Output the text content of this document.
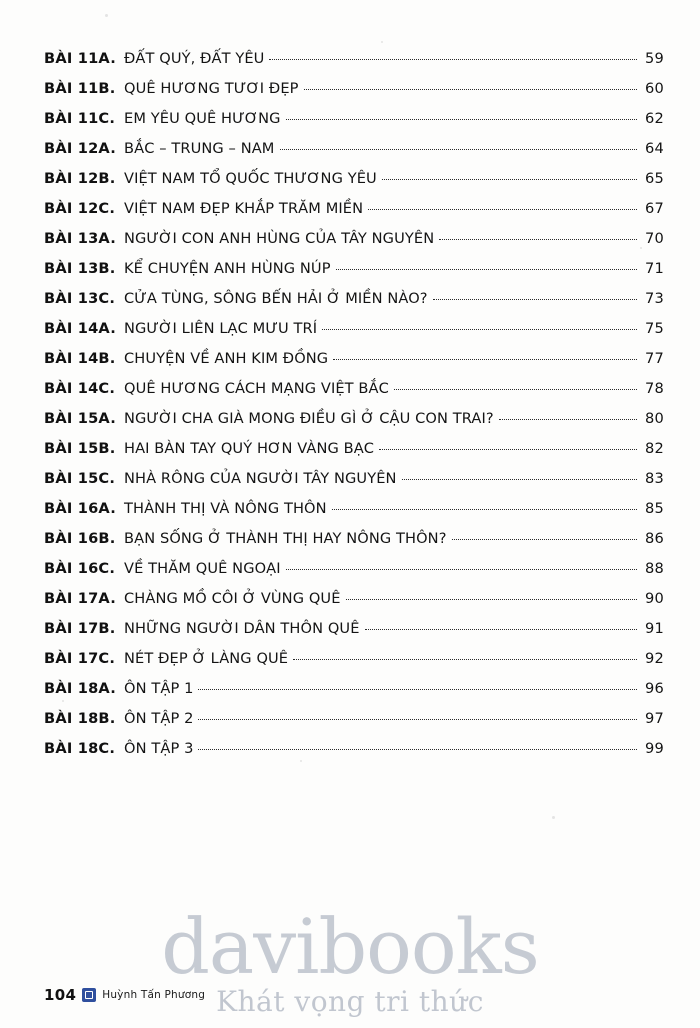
BÀI 11A. ĐẤT QUÝ, ĐẤT YÊU	59
BÀI 11B. QUÊ HƯƠNG TƯƠI ĐẸP	60
BÀI 11C. EM YÊU QUÊ HƯƠNG	62
BÀI 12A. BẮC – TRUNG – NAM	64
BÀI 12B. VIỆT NAM TỔ QUỐC THƯƠNG YÊU	65
BÀI 12C. VIỆT NAM ĐẸP KHẮP TRĂM MIỀN	67
BÀI 13A. NGƯỜI CON ANH HÙNG CỦA TÂY NGUYÊN	70
BÀI 13B. KỂ CHUYỆN ANH HÙNG NÚP	71
BÀI 13C. CỬA TÙNG, SÔNG BẾN HẢI Ở MIỀN NÀO?	73
BÀI 14A. NGƯỜI LIÊN LẠC MƯU TRÍ	75
BÀI 14B. CHUYỆN VỀ ANH KIM ĐỒNG	77
BÀI 14C. QUÊ HƯƠNG CÁCH MẠNG VIỆT BẮC	78
BÀI 15A. NGƯỜI CHA GIÀ MONG ĐIỀU GÌ Ở CẬU CON TRAI?	80
BÀI 15B. HAI BÀN TAY QUÝ HƠN VÀNG BẠC	82
BÀI 15C. NHÀ RÔNG CỦA NGƯỜI TÂY NGUYÊN	83
BÀI 16A. THÀNH THỊ VÀ NÔNG THÔN	85
BÀI 16B. BẠN SỐNG Ở THÀNH THỊ HAY NÔNG THÔN?	86
BÀI 16C. VỀ THĂM QUÊ NGOẠI	88
BÀI 17A. CHÀNG MỒ CÔI Ở VÙNG QUÊ	90
BÀI 17B. NHỮNG NGƯỜI DÂN THÔN QUÊ	91
BÀI 17C. NÉT ĐẸP Ở LÀNG QUÊ	92
BÀI 18A. ÔN TẬP 1	96
BÀI 18B. ÔN TẬP 2	97
BÀI 18C. ÔN TẬP 3	99
davibooks
Khát vọng tri thức
104 Huỳnh Tấn Phương
